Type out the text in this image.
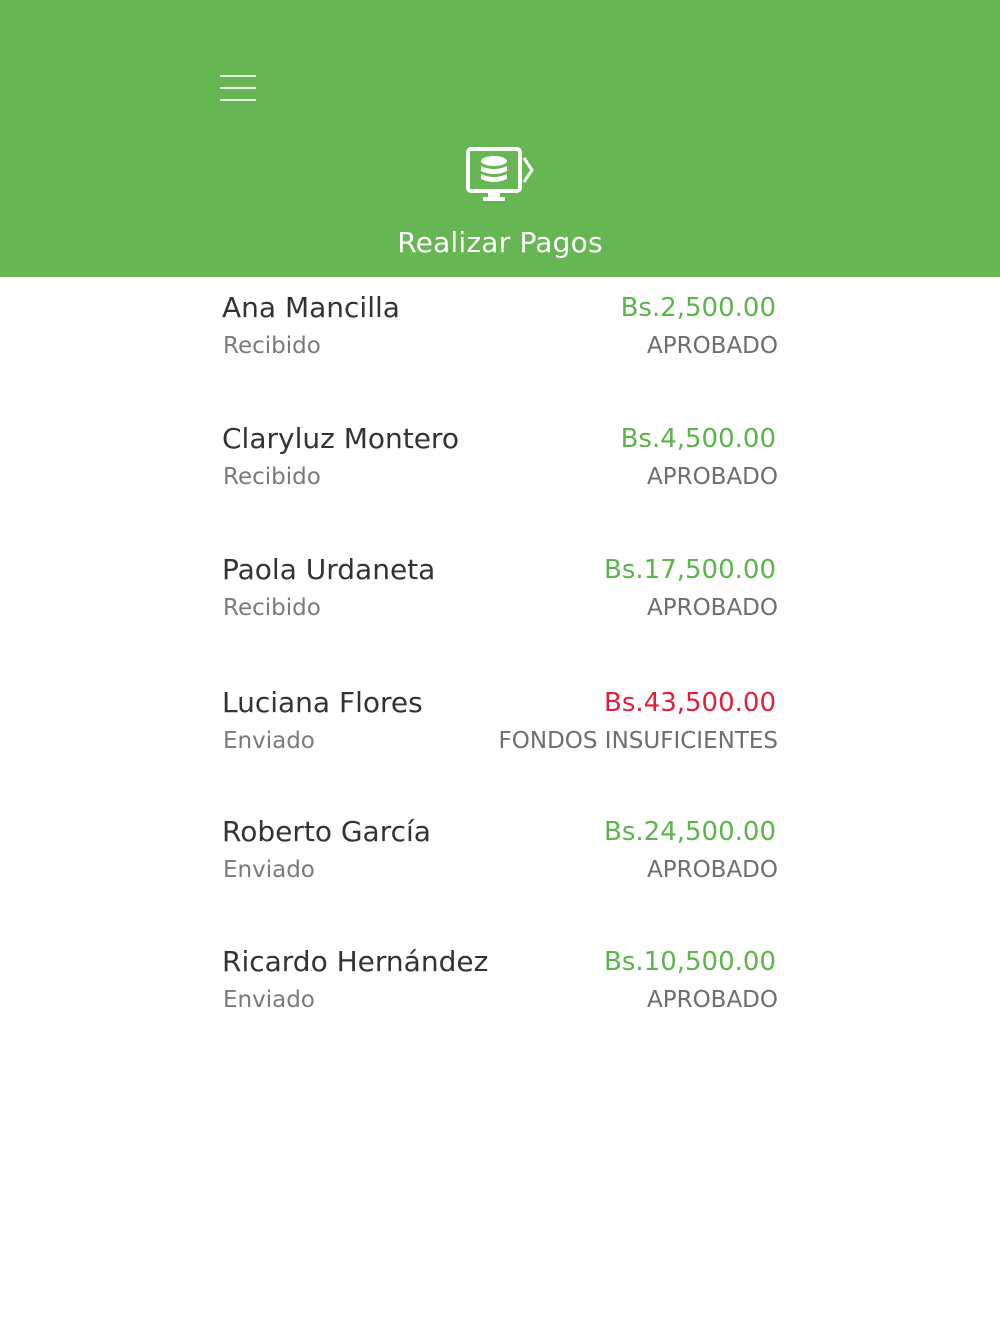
Realizar Pagos
Ana Mancilla
Recibido
Bs.2,500.00
APROBADO
Claryluz Montero
Recibido
Bs.4,500.00
APROBADO
Paola Urdaneta
Recibido
Bs.17,500.00
APROBADO
Luciana Flores
Enviado
Bs.43,500.00
FONDOS INSUFICIENTES
Roberto García
Enviado
Bs.24,500.00
APROBADO
Ricardo Hernández
Enviado
Bs.10,500.00
APROBADO
